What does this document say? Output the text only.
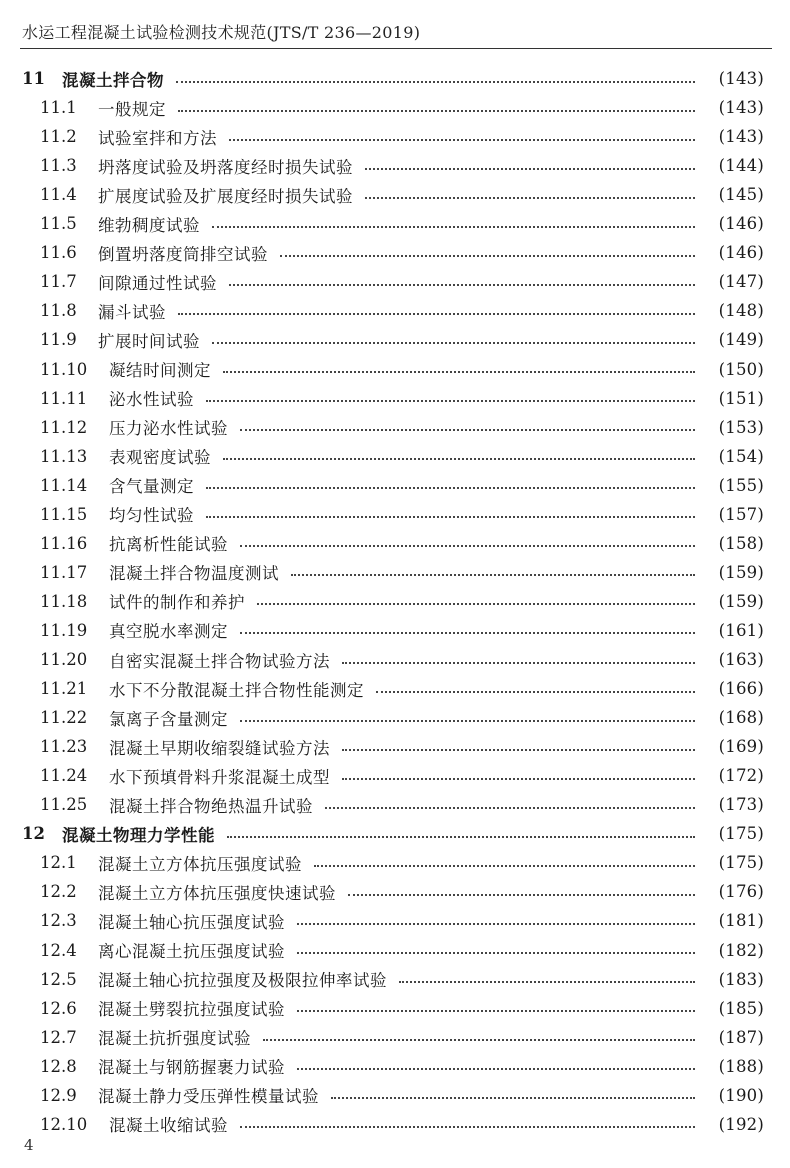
水运工程混凝土试验检测技术规范(JTS/T 236—2019)
11 混凝土拌合物	(143)
11.1 一般规定	(143)
11.2 试验室拌和方法	(143)
11.3 坍落度试验及坍落度经时损失试验	(144)
11.4 扩展度试验及扩展度经时损失试验	(145)
11.5 维勃稠度试验	(146)
11.6 倒置坍落度筒排空试验	(146)
11.7 间隙通过性试验	(147)
11.8 漏斗试验	(148)
11.9 扩展时间试验	(149)
11.10 凝结时间测定	(150)
11.11 泌水性试验	(151)
11.12 压力泌水性试验	(153)
11.13 表观密度试验	(154)
11.14 含气量测定	(155)
11.15 均匀性试验	(157)
11.16 抗离析性能试验	(158)
11.17 混凝土拌合物温度测试	(159)
11.18 试件的制作和养护	(159)
11.19 真空脱水率测定	(161)
11.20 自密实混凝土拌合物试验方法	(163)
11.21 水下不分散混凝土拌合物性能测定	(166)
11.22 氯离子含量测定	(168)
11.23 混凝土早期收缩裂缝试验方法	(169)
11.24 水下预填骨料升浆混凝土成型	(172)
11.25 混凝土拌合物绝热温升试验	(173)
12 混凝土物理力学性能	(175)
12.1 混凝土立方体抗压强度试验	(175)
12.2 混凝土立方体抗压强度快速试验	(176)
12.3 混凝土轴心抗压强度试验	(181)
12.4 离心混凝土抗压强度试验	(182)
12.5 混凝土轴心抗拉强度及极限拉伸率试验	(183)
12.6 混凝土劈裂抗拉强度试验	(185)
12.7 混凝土抗折强度试验	(187)
12.8 混凝土与钢筋握裹力试验	(188)
12.9 混凝土静力受压弹性模量试验	(190)
12.10 混凝土收缩试验	(192)
4
